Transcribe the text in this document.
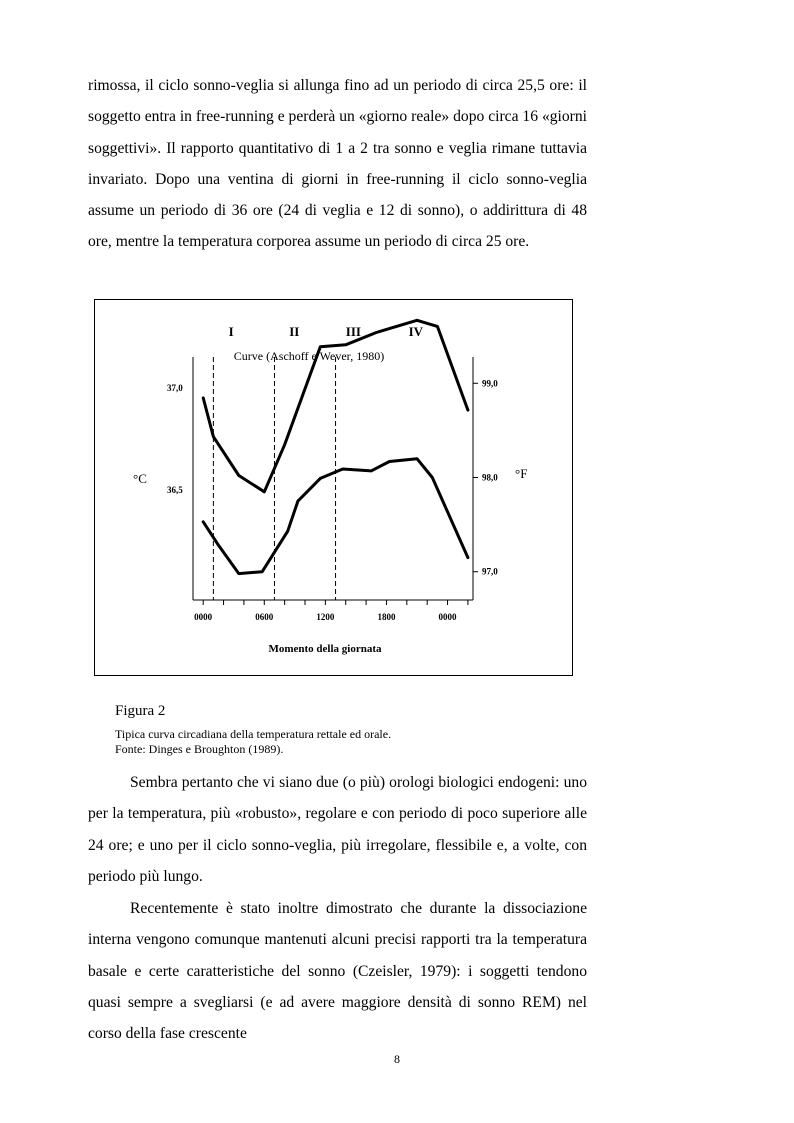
rimossa, il ciclo sonno-veglia si allunga fino ad un periodo di circa 25,5 ore: il soggetto entra in free-running e perderà un «giorno reale» dopo circa 16 «giorni soggettivi». Il rapporto quantitativo di 1 a 2 tra sonno e veglia rimane tuttavia invariato. Dopo una ventina di giorni in free-running il ciclo sonno-veglia assume un periodo di 36 ore (24 di veglia e 12 di sonno), o addirittura di 48 ore, mentre la temperatura corporea assume un periodo di circa 25 ore.

0000	0600	1200	1800	0000
I	II	III	IV
Curve (Aschoff e Wever, 1980)
37,0
36,5
°C
99,0
98,0
97,0
°F
Momento della giornata

Figura 2

Tipica curva circadiana della temperatura rettale ed orale.
Fonte: Dinges e Broughton (1989).

Sembra pertanto che vi siano due (o più) orologi biologici endogeni: uno per la temperatura, più «robusto», regolare e con periodo di poco superiore alle 24 ore; e uno per il ciclo sonno-veglia, più irregolare, flessibile e, a volte, con periodo più lungo.

Recentemente è stato inoltre dimostrato che durante la dissociazione interna vengono comunque mantenuti alcuni precisi rapporti tra la temperatura basale e certe caratteristiche del sonno (Czeisler, 1979): i soggetti tendono quasi sempre a svegliarsi (e ad avere maggiore densità di sonno REM) nel corso della fase crescente

8
